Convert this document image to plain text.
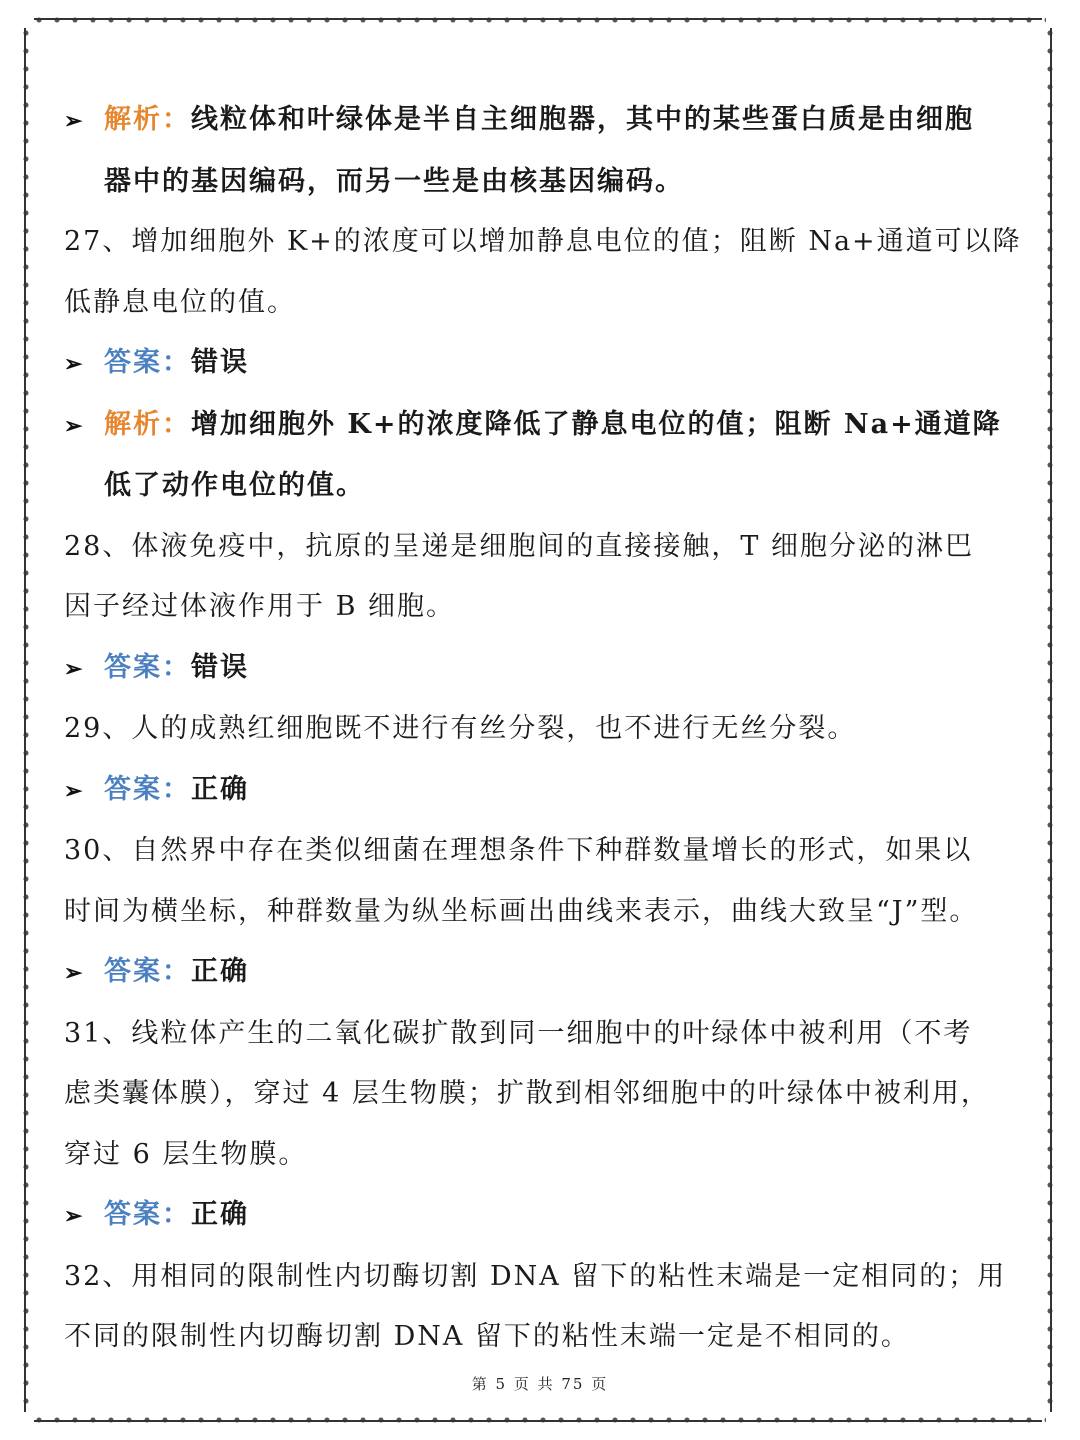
➢ 解析：线粒体和叶绿体是半自主细胞器，其中的某些蛋白质是由细胞
器中的基因编码，而另一些是由核基因编码。
27、增加细胞外 K+的浓度可以增加静息电位的值；阻断 Na+通道可以降
低静息电位的值。
➢ 答案：错误
➢ 解析：增加细胞外 K+的浓度降低了静息电位的值；阻断 Na+通道降
低了动作电位的值。
28、体液免疫中，抗原的呈递是细胞间的直接接触，T 细胞分泌的淋巴
因子经过体液作用于 B 细胞。
➢ 答案：错误
29、人的成熟红细胞既不进行有丝分裂，也不进行无丝分裂。
➢ 答案：正确
30、自然界中存在类似细菌在理想条件下种群数量增长的形式，如果以
时间为横坐标，种群数量为纵坐标画出曲线来表示，曲线大致呈“J”型。
➢ 答案：正确
31、线粒体产生的二氧化碳扩散到同一细胞中的叶绿体中被利用（不考
虑类囊体膜），穿过 4 层生物膜；扩散到相邻细胞中的叶绿体中被利用，
穿过 6 层生物膜。
➢ 答案：正确
32、用相同的限制性内切酶切割 DNA 留下的粘性末端是一定相同的；用
不同的限制性内切酶切割 DNA 留下的粘性末端一定是不相同的。
第 5 页 共 75 页
